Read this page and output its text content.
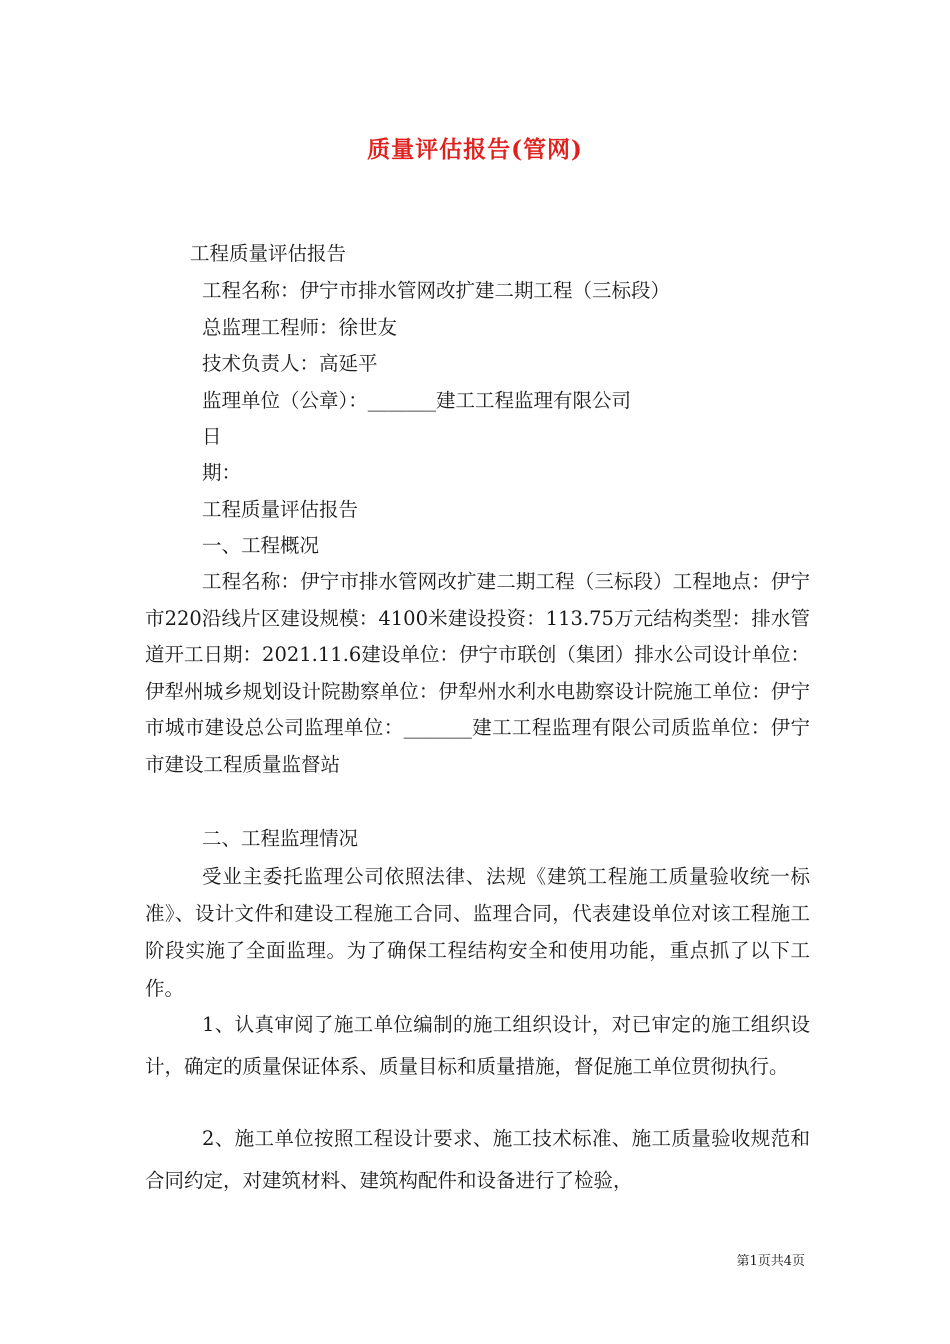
质量评估报告(管网)
工程质量评估报告
工程名称：伊宁市排水管网改扩建二期工程（三标段）
总监理工程师：徐世友
技术负责人：高延平
监理单位（公章）：_______建工工程监理有限公司
日
期：
工程质量评估报告
一、工程概况
工程名称：伊宁市排水管网改扩建二期工程（三标段）工程地点：伊宁市220沿线片区建设规模：4100米建设投资：113.75万元结构类型：排水管道开工日期：2021.11.6建设单位：伊宁市联创（集团）排水公司设计单位：伊犁州城乡规划设计院勘察单位：伊犁州水利水电勘察设计院施工单位：伊宁市城市建设总公司监理单位：_______建工工程监理有限公司质监单位：伊宁市建设工程质量监督站
二、工程监理情况
受业主委托监理公司依照法律、法规《建筑工程施工质量验收统一标准》、设计文件和建设工程施工合同、监理合同，代表建设单位对该工程施工阶段实施了全面监理。为了确保工程结构安全和使用功能，重点抓了以下工作。
1、认真审阅了施工单位编制的施工组织设计，对已审定的施工组织设计，确定的质量保证体系、质量目标和质量措施，督促施工单位贯彻执行。
2、施工单位按照工程设计要求、施工技术标准、施工质量验收规范和合同约定，对建筑材料、建筑构配件和设备进行了检验，
第1页共4页
